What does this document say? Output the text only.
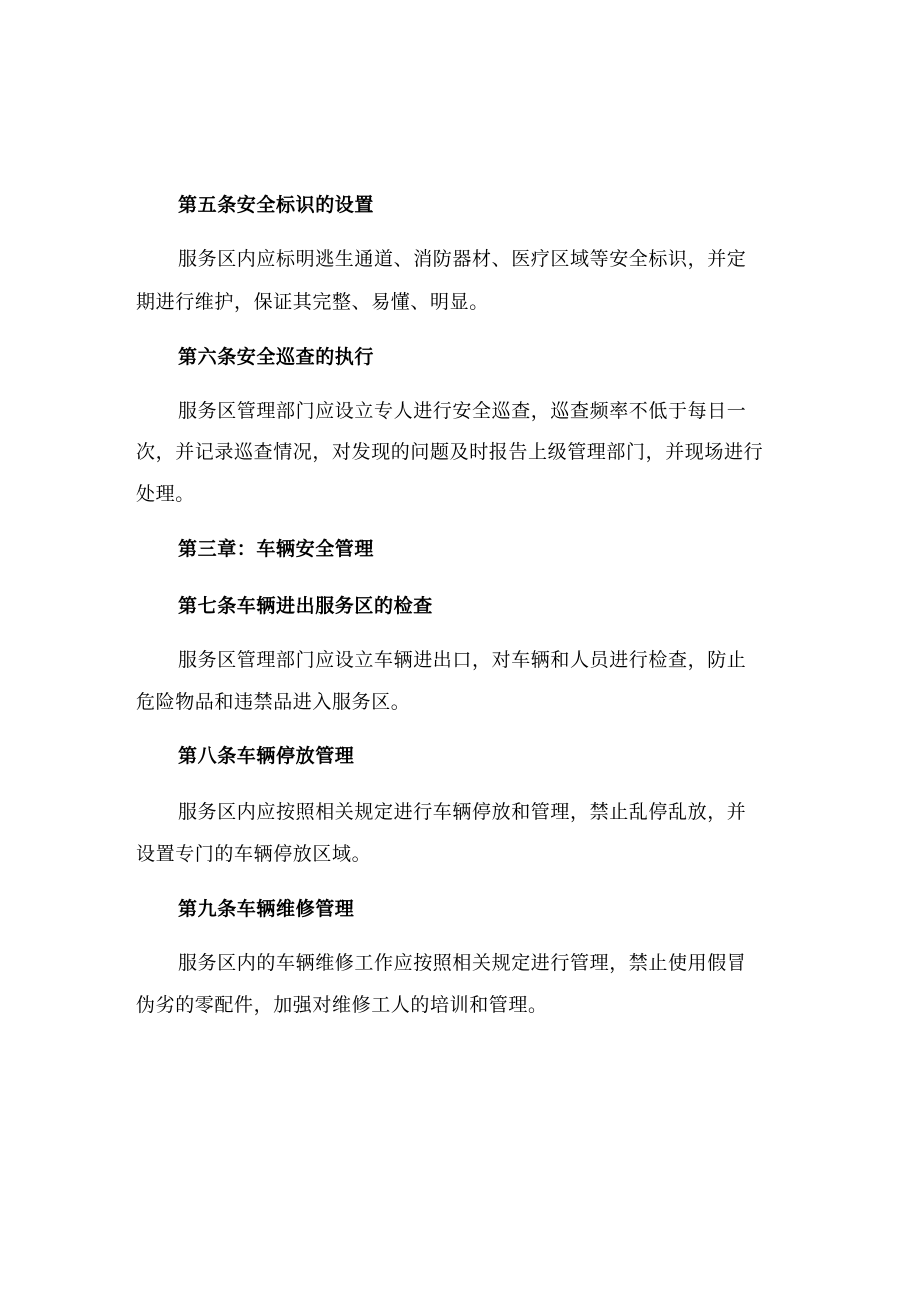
第五条安全标识的设置
服务区内应标明逃生通道、消防器材、医疗区域等安全标识，并定
期进行维护，保证其完整、易懂、明显。
第六条安全巡查的执行
服务区管理部门应设立专人进行安全巡查，巡查频率不低于每日一
次，并记录巡查情况，对发现的问题及时报告上级管理部门，并现场进行
处理。
第三章：车辆安全管理
第七条车辆进出服务区的检查
服务区管理部门应设立车辆进出口，对车辆和人员进行检查，防止
危险物品和违禁品进入服务区。
第八条车辆停放管理
服务区内应按照相关规定进行车辆停放和管理，禁止乱停乱放，并
设置专门的车辆停放区域。
第九条车辆维修管理
服务区内的车辆维修工作应按照相关规定进行管理，禁止使用假冒
伪劣的零配件，加强对维修工人的培训和管理。
